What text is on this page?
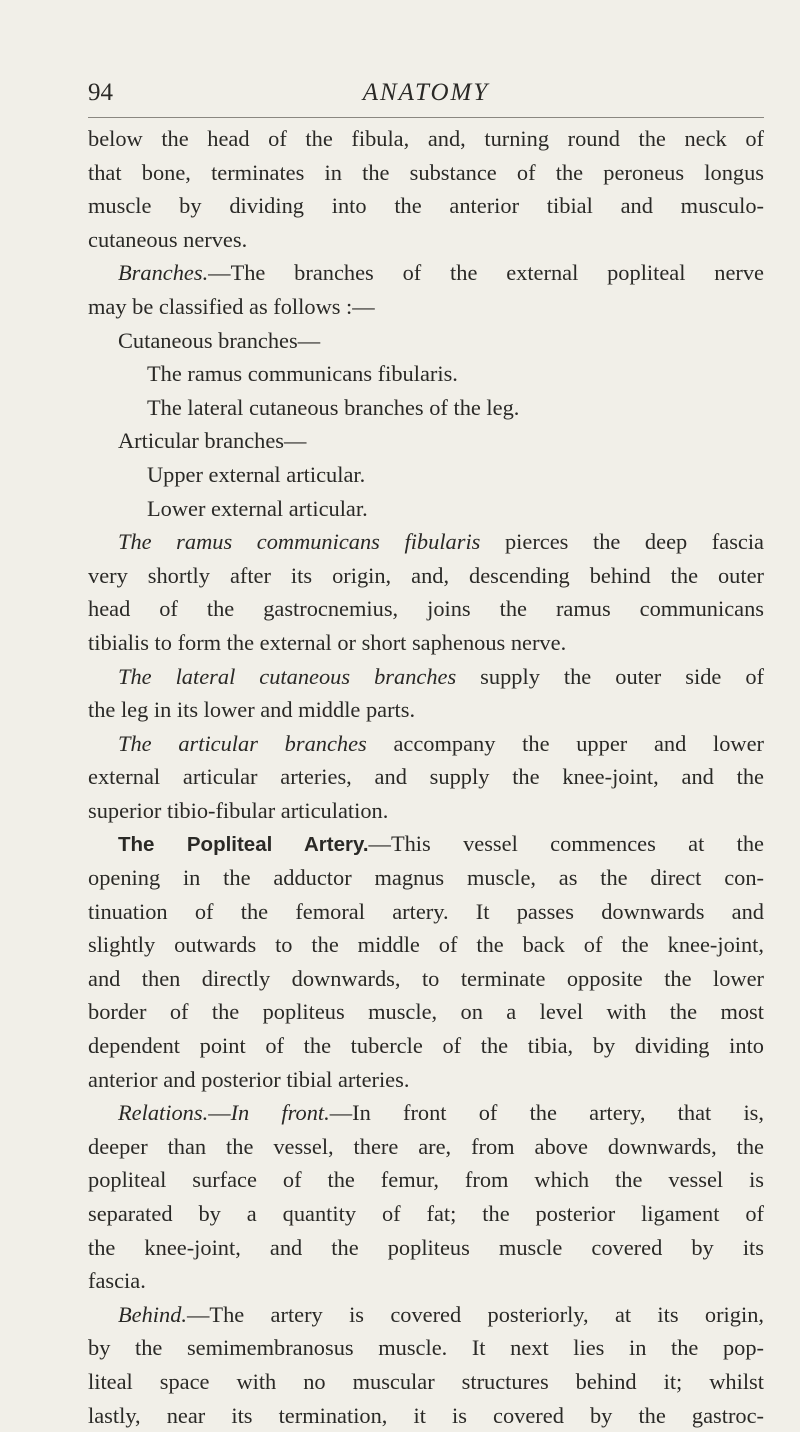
94	ANATOMY
below the head of the fibula, and, turning round the neck of
that bone, terminates in the substance of the peroneus longus
muscle by dividing into the anterior tibial and musculo-
cutaneous nerves.
Branches.—The branches of the external popliteal nerve
may be classified as follows :—
Cutaneous branches—
The ramus communicans fibularis.
The lateral cutaneous branches of the leg.
Articular branches—
Upper external articular.
Lower external articular.
The ramus communicans fibularis pierces the deep fascia
very shortly after its origin, and, descending behind the outer
head of the gastrocnemius, joins the ramus communicans
tibialis to form the external or short saphenous nerve.
The lateral cutaneous branches supply the outer side of
the leg in its lower and middle parts.
The articular branches accompany the upper and lower
external articular arteries, and supply the knee-joint, and the
superior tibio-fibular articulation.
The Popliteal Artery.—This vessel commences at the
opening in the adductor magnus muscle, as the direct con-
tinuation of the femoral artery. It passes downwards and
slightly outwards to the middle of the back of the knee-joint,
and then directly downwards, to terminate opposite the lower
border of the popliteus muscle, on a level with the most
dependent point of the tubercle of the tibia, by dividing into
anterior and posterior tibial arteries.
Relations.—In front.—In front of the artery, that is,
deeper than the vessel, there are, from above downwards, the
popliteal surface of the femur, from which the vessel is
separated by a quantity of fat; the posterior ligament of
the knee-joint, and the popliteus muscle covered by its
fascia.
Behind.—The artery is covered posteriorly, at its origin,
by the semimembranosus muscle. It next lies in the pop-
liteal space with no muscular structures behind it; whilst
lastly, near its termination, it is covered by the gastroc-
